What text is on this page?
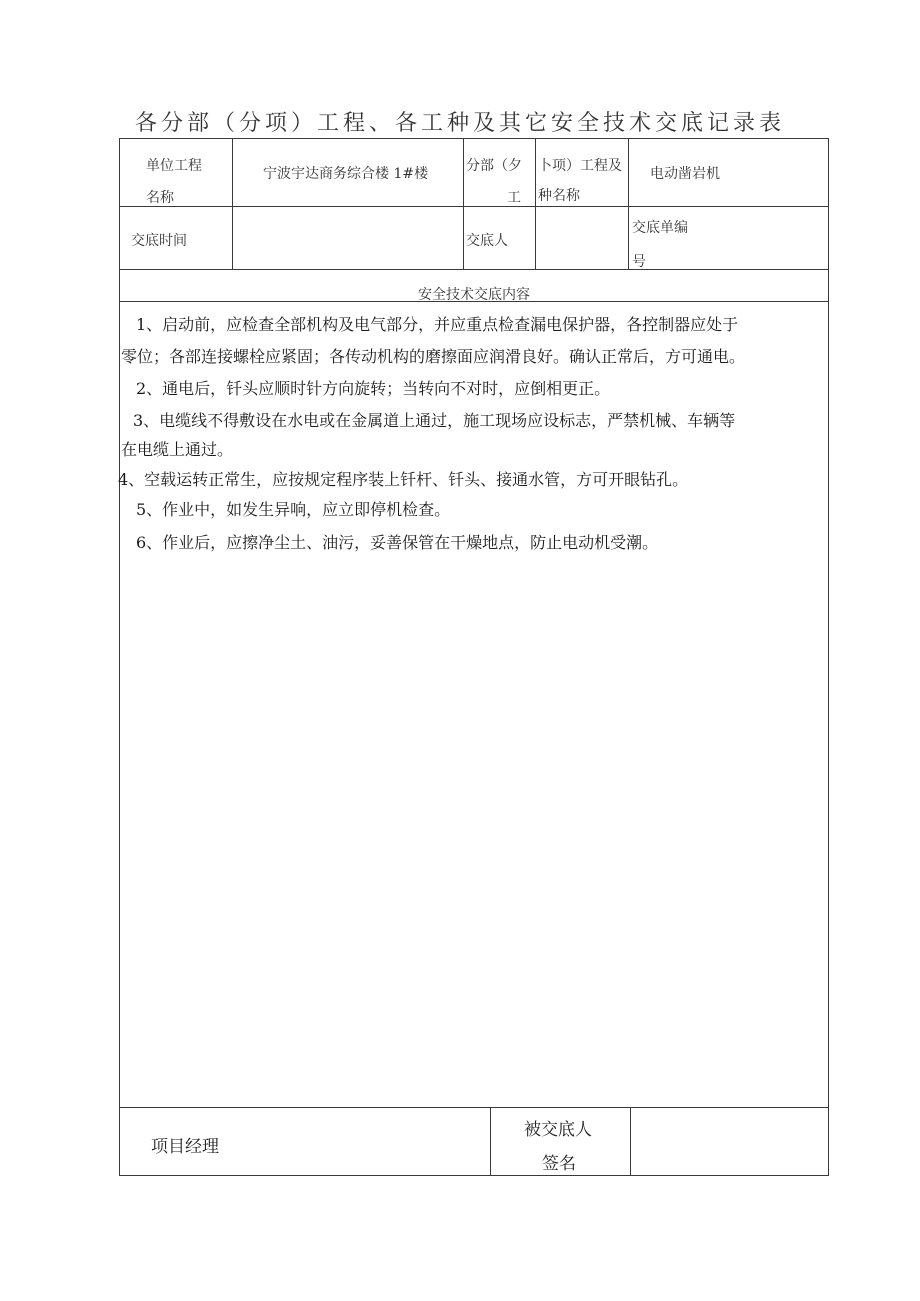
各分部（分项）工程、各工种及其它安全技术交底记录表
单位工程
名称
宁波宇达商务综合楼 1#楼	分部（夕
工
卜项）工程及
种名称
电动凿岩机
交底时间	交底人
交底单编
号
安全技术交底内容
1、启动前，应检查全部机构及电气部分，并应重点检查漏电保护器，各控制器应处于
零位；各部连接螺栓应紧固；各传动机构的磨擦面应润滑良好。确认正常后，方可通电。
2、通电后，钎头应顺时针方向旋转；当转向不对时，应倒相更正。
3、电缆线不得敷设在水电或在金属道上通过，施工现场应设标志，严禁机械、车辆等
在电缆上通过。
4、空载运转正常生，应按规定程序装上钎杆、钎头、接通水管，方可开眼钻孔。
5、作业中，如发生异响，应立即停机检查。
6、作业后，应擦净尘土、油污，妥善保管在干燥地点，防止电动机受潮。
项目经理
被交底人
签名
